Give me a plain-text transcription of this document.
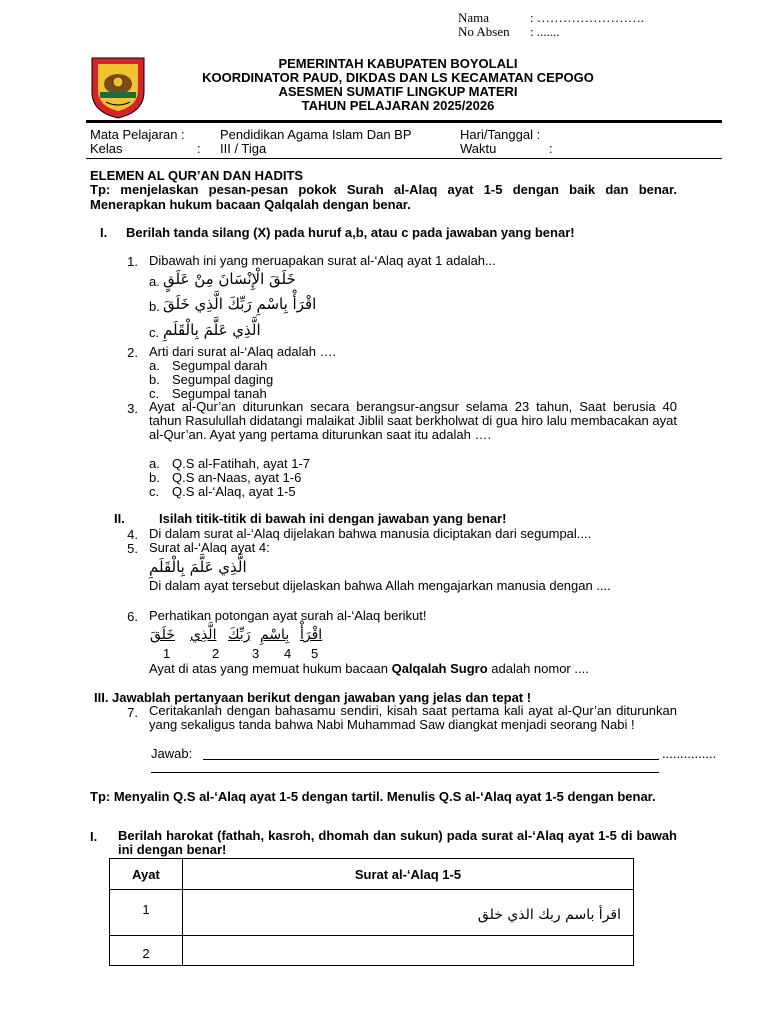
Nama	: …………………….
No Absen : .......
PEMERINTAH KABUPATEN BOYOLALI
KOORDINATOR PAUD, DIKDAS DAN LS KECAMATAN CEPOGO
ASESMEN SUMATIF LINGKUP MATERI
TAHUN PELAJARAN 2025/2026
Mata Pelajaran :	Pendidikan Agama Islam Dan BP	Hari/Tanggal :
Kelas	: III / Tiga	Waktu	:
ELEMEN AL QUR’AN DAN HADITS
Tp: menjelaskan pesan-pesan pokok Surah al-Alaq ayat 1-5 dengan baik dan benar. Menerapkan hukum bacaan Qalqalah dengan benar.
I. Berilah tanda silang (X) pada huruf a,b, atau c pada jawaban yang benar!
1. Dibawah ini yang meruapakan surat al-‘Alaq ayat 1 adalah...
a. خَلَقَ الْإِنْسَانَ مِنْ عَلَقٍ
b. اقْرَأْ بِاسْمِ رَبِّكَ الَّذِي خَلَقَ
c. الَّذِي عَلَّمَ بِالْقَلَمِ
2. Arti dari surat al-‘Alaq adalah ….
a. Segumpal darah
b. Segumpal daging
c. Segumpal tanah
3. Ayat al-Qur’an diturunkan secara berangsur-angsur selama 23 tahun, Saat berusia 40 tahun Rasulullah didatangi malaikat Jiblil saat berkholwat di gua hiro lalu membacakan ayat al-Qur’an. Ayat yang pertama diturunkan saat itu adalah ….
a. Q.S al-Fatihah, ayat 1-7
b. Q.S an-Naas, ayat 1-6
c. Q.S al-‘Alaq, ayat 1-5
II.	Isilah titik-titik di bawah ini dengan jawaban yang benar!
4. Di dalam surat al-‘Alaq dijelakan bahwa manusia diciptakan dari segumpal....
5. Surat al-‘Alaq ayat 4:
الَّذِي عَلَّمَ بِالْقَلَمِ
Di dalam ayat tersebut dijelaskan bahwa Allah mengajarkan manusia dengan ....
6. Perhatikan potongan ayat surah al-‘Alaq berikut!
خَلَقَ الَّذِي رَبِّكَ بِاسْمِ اقْرَأْ
1	2	3 4 5
Ayat di atas yang memuat hukum bacaan Qalqalah Sugro adalah nomor ....
III. Jawablah pertanyaan berikut dengan jawaban yang jelas dan tepat !
7. Ceritakanlah dengan bahasamu sendiri, kisah saat pertama kali ayat al-Qur’an diturunkan yang sekaligus tanda bahwa Nabi Muhammad Saw diangkat menjadi seorang Nabi !
Jawab:	...............
Tp: Menyalin Q.S al-‘Alaq ayat 1-5 dengan tartil. Menulis Q.S al-‘Alaq ayat 1-5 dengan benar.
I. Berilah harokat (fathah, kasroh, dhomah dan sukun) pada surat al-‘Alaq ayat 1-5 di bawah ini dengan benar!
Ayat	Surat al-‘Alaq 1-5
1	اقرأ باسم ربك الذي خلق

2	
